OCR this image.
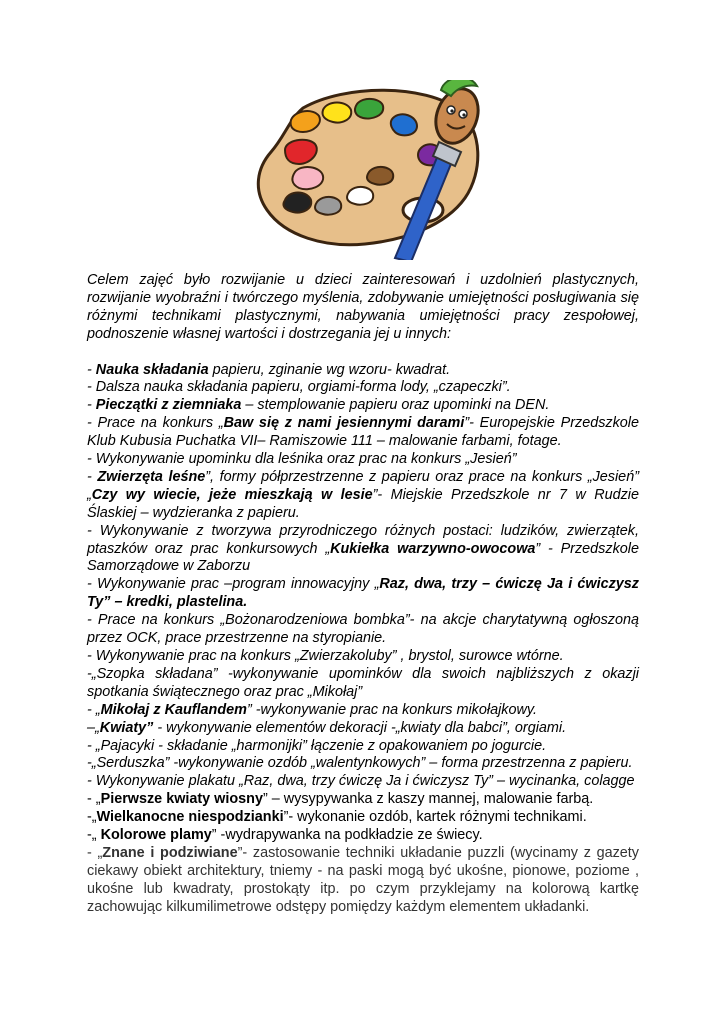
Celem zajęć było rozwijanie u dzieci zainteresowań i uzdolnień plastycznych, rozwijanie wyobraźni i twórczego myślenia, zdobywanie umiejętności posługiwania się różnymi technikami plastycznymi, nabywania umiejętności pracy zespołowej, podnoszenie własnej wartości i dostrzegania jej u innych:

- Nauka składania papieru, zginanie wg wzoru- kwadrat.

- Dalsza nauka składania papieru, orgiami-forma lody, „czapeczki”.

- Pieczątki z ziemniaka – stemplowanie papieru oraz upominki na DEN.

- Prace na konkurs „Baw się z nami jesiennymi darami”- Europejskie Przedszkole Klub Kubusia Puchatka VII– Ramiszowie 111 – malowanie farbami, fotage.

- Wykonywanie upominku dla leśnika oraz prac na konkurs „Jesień”

- Zwierzęta leśne”, formy półprzestrzenne z papieru oraz prace na konkurs „Jesień” „Czy wy wiecie, jeże mieszkają w lesie”- Miejskie Przedszkole nr 7 w Rudzie Ślaskiej – wydzieranka z papieru.

- Wykonywanie z tworzywa przyrodniczego różnych postaci: ludzików, zwierzątek, ptaszków oraz prac konkursowych „Kukiełka warzywno-owocowa” - Przedszkole Samorządowe w Zaborzu

- Wykonywanie prac –program innowacyjny „Raz, dwa, trzy – ćwiczę Ja i ćwiczysz Ty” – kredki, plastelina.

- Prace na konkurs „Bożonarodzeniowa bombka”- na akcje charytatywną ogłoszoną przez OCK, prace przestrzenne na styropianie.

- Wykonywanie prac na konkurs „Zwierzakoluby” , brystol, surowce wtórne.

-„Szopka składana” -wykonywanie upominków dla swoich najbliższych z okazji spotkania świątecznego oraz prac „Mikołaj”

- „Mikołaj z Kauflandem” -wykonywanie prac na konkurs mikołajkowy.

–„Kwiaty” - wykonywanie elementów dekoracji -„kwiaty dla babci”, orgiami.

- „Pajacyki - składanie „harmonijki” łączenie z opakowaniem po jogurcie.

-„Serduszka” -wykonywanie ozdób „walentynkowych” – forma przestrzenna z papieru.

- Wykonywanie plakatu „Raz, dwa, trzy ćwiczę Ja i ćwiczysz Ty” – wycinanka, colagge

- „Pierwsze kwiaty wiosny” – wysypywanka z kaszy mannej, malowanie farbą.

-„Wielkanocne niespodzianki”- wykonanie ozdób, kartek różnymi technikami.

-„ Kolorowe plamy” -wydrapywanka na podkładzie ze świecy.

- „Znane i podziwiane”- zastosowanie techniki układanie puzzli (wycinamy z gazety ciekawy obiekt architektury, tniemy - na paski mogą być ukośne, pionowe, poziome , ukośne lub kwadraty, prostokąty itp. po czym przyklejamy na kolorową kartkę zachowując kilkumilimetrowe odstępy pomiędzy każdym elementem układanki.
